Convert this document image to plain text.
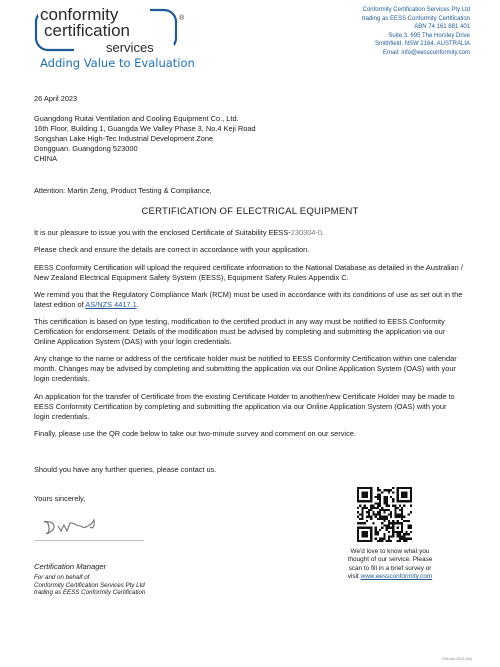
conformity
certification
services
®
Adding Value to Evaluation
Conformity Certification Services Pty Ltd
trading as EESS Conformity Certification
ABN 74 161 881 401
Suite 3, 695 The Horsley Drive
Smithfield, NSW 2164, AUSTRALIA
Email: info@eessconformity.com
26 April 2023
Guangdong Ruitai Ventilation and Cooling Equipment Co., Ltd.
16th Floor, Building 1, Guangda We Valley Phase 3, No.4 Keji Road
Songshan Lake High-Tec Industrial Development Zone
Dongguan. Guangdong 523000
CHINA
Attention: Martin Zeng, Product Testing & Compliance,
CERTIFICATION OF ELECTRICAL EQUIPMENT

It is our pleasure to issue you with the enclosed Certificate of Suitability EESS-230304-0.

Please check and ensure the details are correct in accordance with your application.

EESS Conformity Certification will upload the required certificate information to the National Database as detailed in the Australian / New Zealand Electrical Equipment Safety System (EESS), Equipment Safety Rules Appendix C.

We remind you that the Regulatory Compliance Mark (RCM) must be used in accordance with its conditions of use as set out in the latest edition of AS/NZS 4417.1.

This certification is based on type testing, modification to the certified product in any way must be notified to EESS Conformity Certification for endorsement. Details of the modification must be advised by completing and submitting the application via our Online Application System (OAS) with your login credentials.

Any change to the name or address of the certificate holder must be notified to EESS Conformity Certification within one calendar month. Changes may be advised by completing and submitting the application via our Online Application System (OAS) with your login credentials.

An application for the transfer of Certificate from the existing Certificate Holder to another/new Certificate Holder may be made to EESS Conformity Certification by completing and submitting the application via our Online Application System (OAS) with your login credentials.

Finally, please use the QR code below to take our two-minute survey and comment on our service.

Should you have any further queries, please contact us.
Yours sincerely,
Certification Manager
For and on behalf of
Conformity Certification Services Pty Ltd
trading as EESS Conformity Certification
We'd love to know what you
thought of our service. Please
scan to fill in a brief survey or
visit www.eessconformity.com
S08.doc 2023-5(0)
